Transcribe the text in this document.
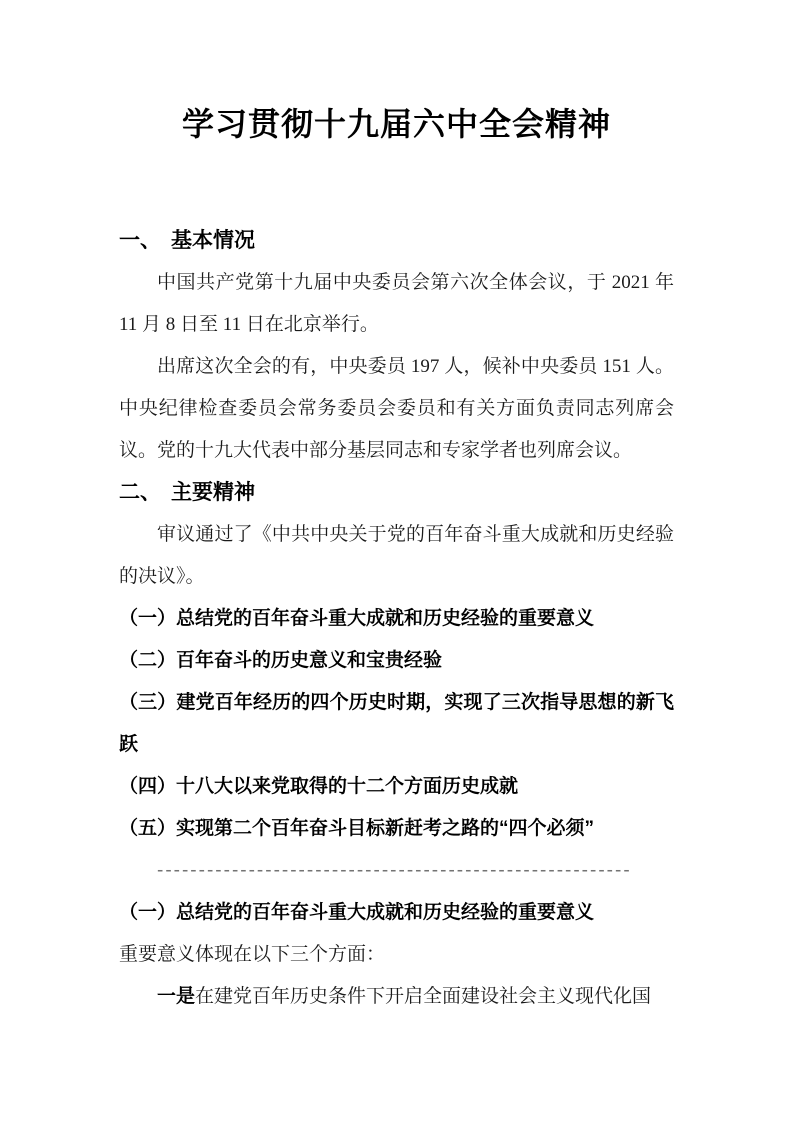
学习贯彻十九届六中全会精神
一、 基本情况

中国共产党第十九届中央委员会第六次全体会议，于 2021 年 11 月 8 日至 11 日在北京举行。

出席这次全会的有，中央委员 197 人，候补中央委员 151 人。中央纪律检查委员会常务委员会委员和有关方面负责同志列席会议。党的十九大代表中部分基层同志和专家学者也列席会议。

二、 主要精神

审议通过了《中共中央关于党的百年奋斗重大成就和历史经验的决议》。

（一）总结党的百年奋斗重大成就和历史经验的重要意义

（二）百年奋斗的历史意义和宝贵经验

（三）建党百年经历的四个历史时期，实现了三次指导思想的新飞跃

（四）十八大以来党取得的十二个方面历史成就

（五）实现第二个百年奋斗目标新赶考之路的“四个必须”

---------------------------------------------------------

（一）总结党的百年奋斗重大成就和历史经验的重要意义

重要意义体现在以下三个方面：

一是在建党百年历史条件下开启全面建设社会主义现代化国
